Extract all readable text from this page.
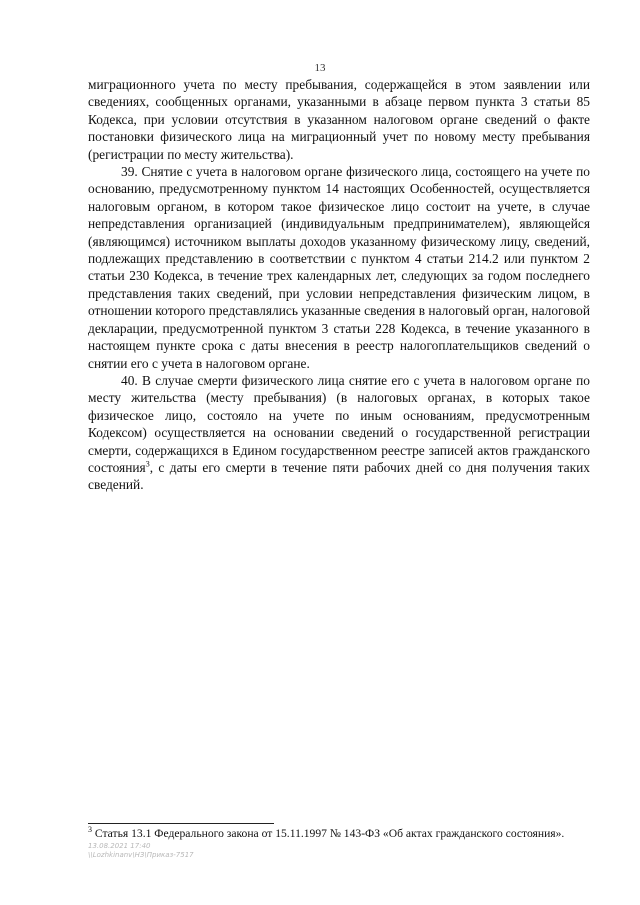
13

миграционного учета по месту пребывания, содержащейся в этом заявлении или сведениях, сообщенных органами, указанными в абзаце первом пункта 3 статьи 85 Кодекса, при условии отсутствия в указанном налоговом органе сведений о факте постановки физического лица на миграционный учет по новому месту пребывания (регистрации по месту жительства).

39. Снятие с учета в налоговом органе физического лица, состоящего на учете по основанию, предусмотренному пунктом 14 настоящих Особенностей, осуществляется налоговым органом, в котором такое физическое лицо состоит на учете, в случае непредставления организацией (индивидуальным предпринимателем), являющейся (являющимся) источником выплаты доходов указанному физическому лицу, сведений, подлежащих представлению в соответствии с пунктом 4 статьи 214.2 или пунктом 2 статьи 230 Кодекса, в течение трех календарных лет, следующих за годом последнего представления таких сведений, при условии непредставления физическим лицом, в отношении которого представлялись указанные сведения в налоговый орган, налоговой декларации, предусмотренной пунктом 3 статьи 228 Кодекса, в течение указанного в настоящем пункте срока с даты внесения в реестр налогоплательщиков сведений о снятии его с учета в налоговом органе.

40. В случае смерти физического лица снятие его с учета в налоговом органе по месту жительства (месту пребывания) (в налоговых органах, в которых такое физическое лицо, состояло на учете по иным основаниям, предусмотренным Кодексом) осуществляется на основании сведений о государственной регистрации смерти, содержащихся в Едином государственном реестре записей актов гражданского состояния$^3$, с даты его смерти в течение пяти рабочих дней со дня получения таких сведений.

$^3$ Статья 13.1 Федерального закона от 15.11.1997 № 143-ФЗ «Об актах гражданского состояния».
13.08.2021 17:40
\\Lozhkinanv\НЗ\Приказ-7517
